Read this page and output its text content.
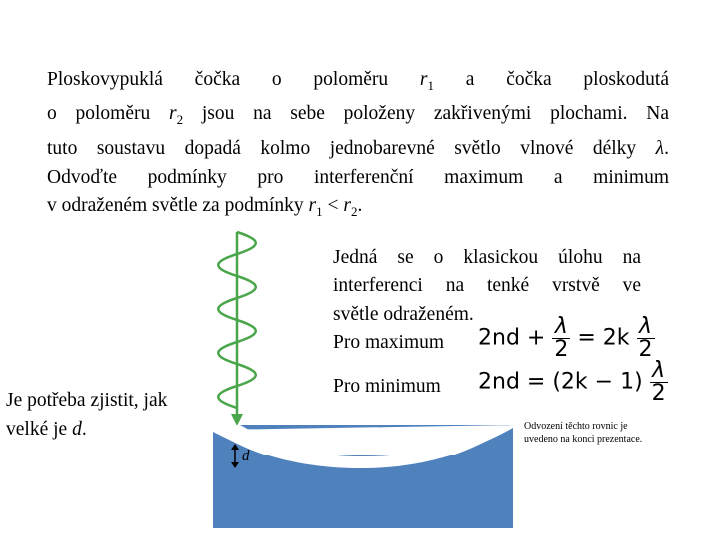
Ploskovypuklá čočka o poloměru $r_1$ a čočka ploskodutá
o poloměru $r_2$ jsou na sebe položeny zakřivenými plochami. Na
tuto soustavu dopadá kolmo jednobarevné světlo vlnové délky λ.
Odvoďte podmínky pro interferenční maximum a minimum
v odraženém světle za podmínky $r_1 < r_2$.
d
Jedná se o klasickou úlohu na
interferenci na tenké vrstvě ve
světle odraženém.
Pro maximum	$2nd + \frac{\lambda}{2} = 2k \frac{\lambda}{2}$
Pro minimum $2nd = (2k - 1) \frac{\lambda}{2}$
Je potřeba zjistit, jak
velké je d.	Odvození těchto rovnic je
uvedeno na konci prezentace.
